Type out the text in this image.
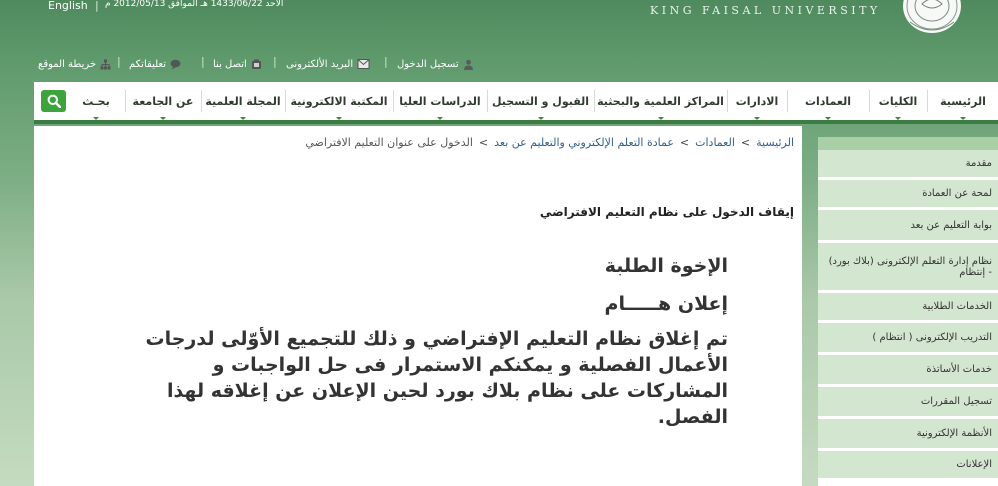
English | الأحد 1433/06/22 هـ الموافق 2012/05/13 م	KING FAISAL UNIVERSITY
تسجيل الدخول
|
البريد الألكترونى
|
اتصل بنا
|
تعليقاتكم
|
خريطة الموقع
الرئيسية
الكليات
العمادات
الادارات
المراكز العلمية والبحثية
القبول و التسجيل
الدراسات العليا
المكتبة الالكترونية
المجلة العلمية
عن الجامعة
بحـث
الرئيسية>العمادات>عمادة التعلم الإلكتروني والتعليم عن بعد>الدخول على عنوان التعليم الافتراضي
إيقاف الدخول على نظام التعليم الافتراضي
الإخوة الطلبة
إعلان هـــــام
تم إغلاق نظام التعليم الإفتراضي و ذلك للتجميع الأوّلى لدرجات الأعمال الفصلية و يمكنكم الاستمرار فى حل الواجبات و المشاركات على نظام بلاك بورد لحين الإعلان عن إغلاقه لهذا الفصل.
مقدمة
لمحة عن العمادة
بوابة التعليم عن بعد
نظام إدارة التعلم الإلكترونى (بلاك بورد) - إنتظام
الخدمات الطلابية
التدريب الإلكترونى ( انتظام )
خدمات الأساتذة
تسجيل المقررات
الأنظمة الإلكترونية
الإعلانات
